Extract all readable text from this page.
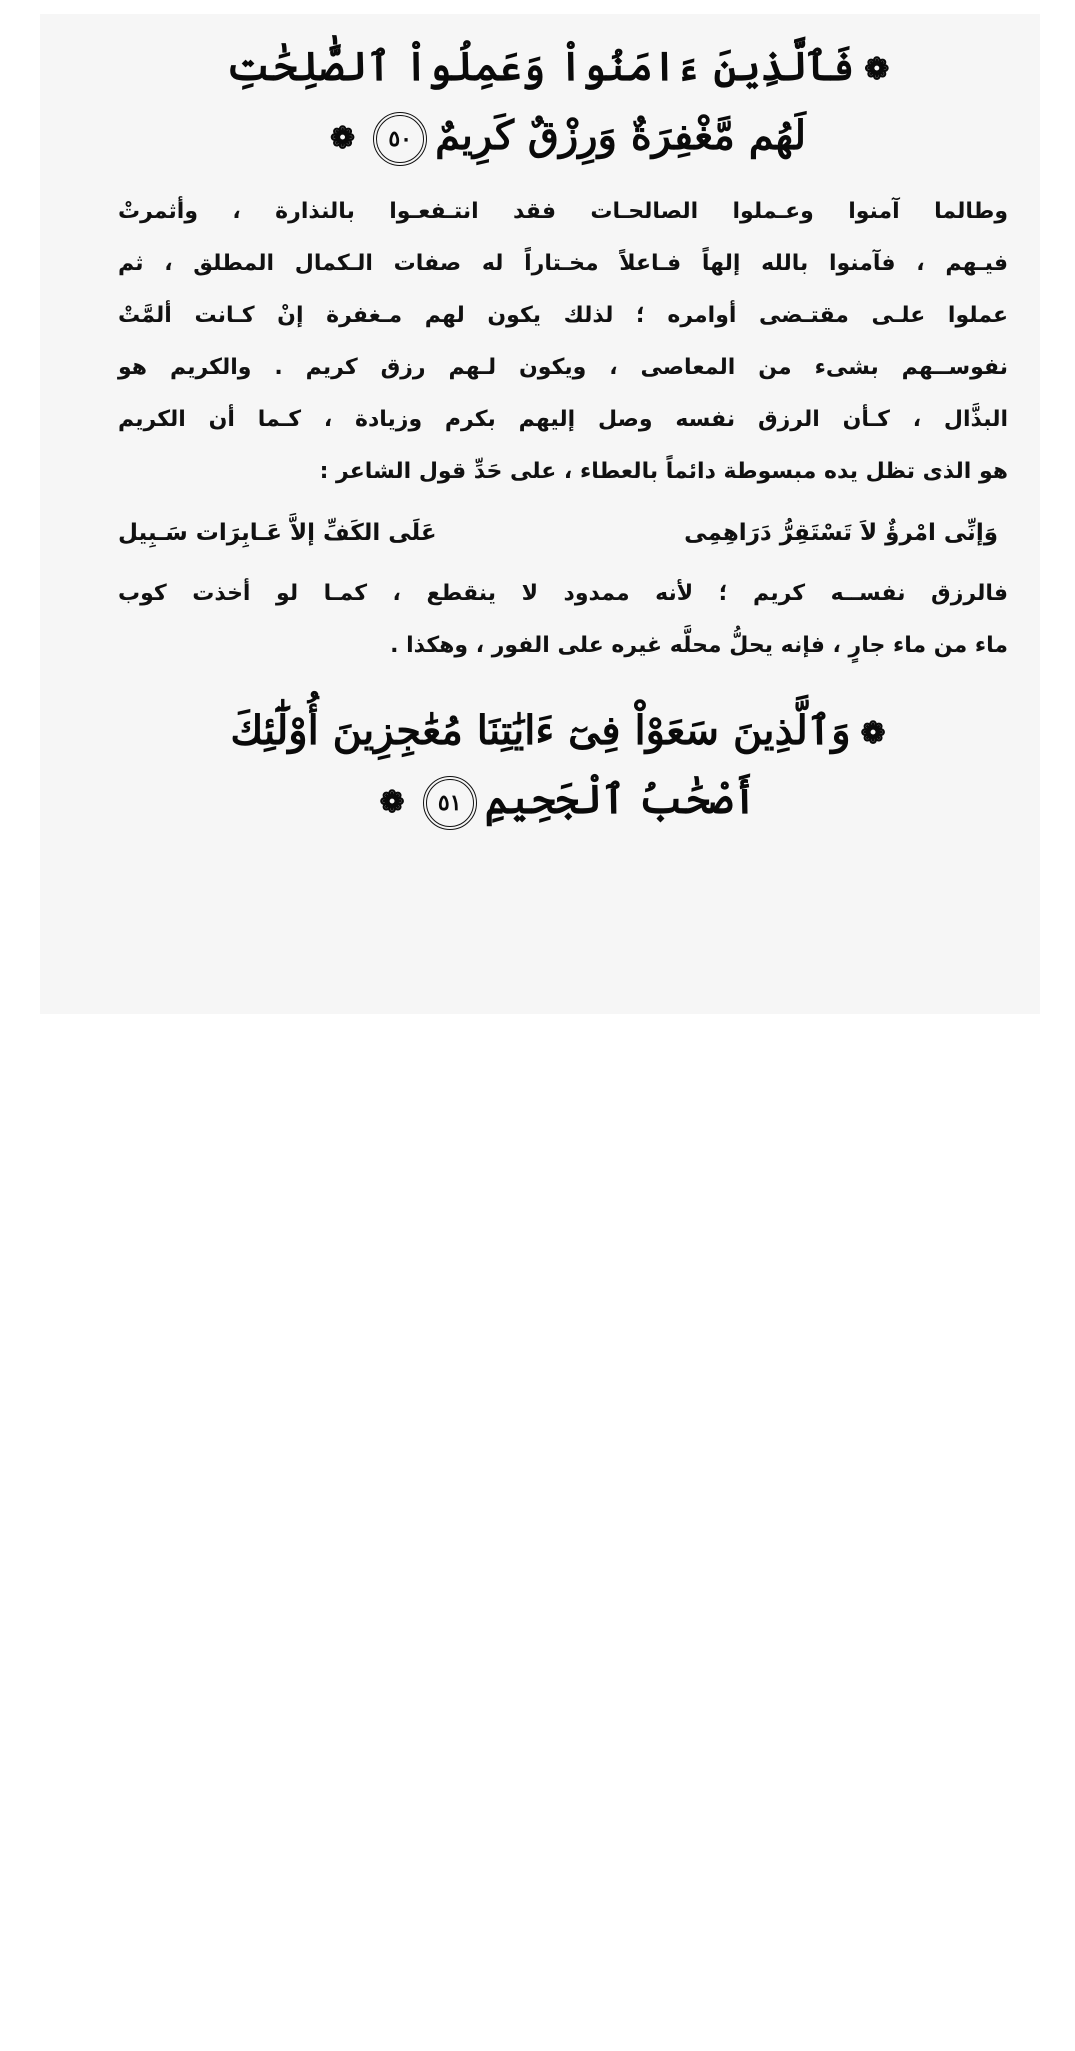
❁فَٱلَّذِينَ ءَامَنُواْ وَعَمِلُواْ ٱلصَّٰلِحَٰتِ
لَهُم مَّغْفِرَةٌ وَرِزْقٌ كَرِيمٌ٥٠❁
وطالما آمنوا وعـملوا الصالحـات فقد انتـفعـوا بالنذارة ، وأثمرتْ
فيـهم ، فآمنوا بالله إلهاً فـاعلاً مخـتاراً له صفات الـكمال المطلق ، ثم
عملوا علـى مقتـضى أوامره ؛ لذلك يكون لهم مـغفرة إنْ كـانت ألمَّتْ
نفوســهم بشىء من المعاصى ، ويكون لـهم رزق كريم . والكريم هو
البذَّال ، كـأن الرزق نفسه وصل إليهم بكرم وزيادة ، كـما أن الكريم
هو الذى تظل يده مبسوطة دائماً بالعطاء ، على حَدِّ قول الشاعر :
وَإنِّى امْرؤٌ لاَ تَسْتَقِرُّ دَرَاهِمِى
عَلَى الكَفِّ إلاَّ عَـابِرَات سَـبِيل
فالرزق نفســه كريم ؛ لأنه ممدود لا ينقطع ، كمـا لو أخذت كوب
ماء من ماء جارٍ ، فإنه يحلُّ محلَّه غيره على الفور ، وهكذا .
❁وَٱلَّذِينَ سَعَوْاْ فِىٓ ءَايَٰتِنَا مُعَٰجِزِينَ أُوْلَٰٓئِكَ
أَصْحَٰبُ ٱلْجَحِيمِ٥١❁
